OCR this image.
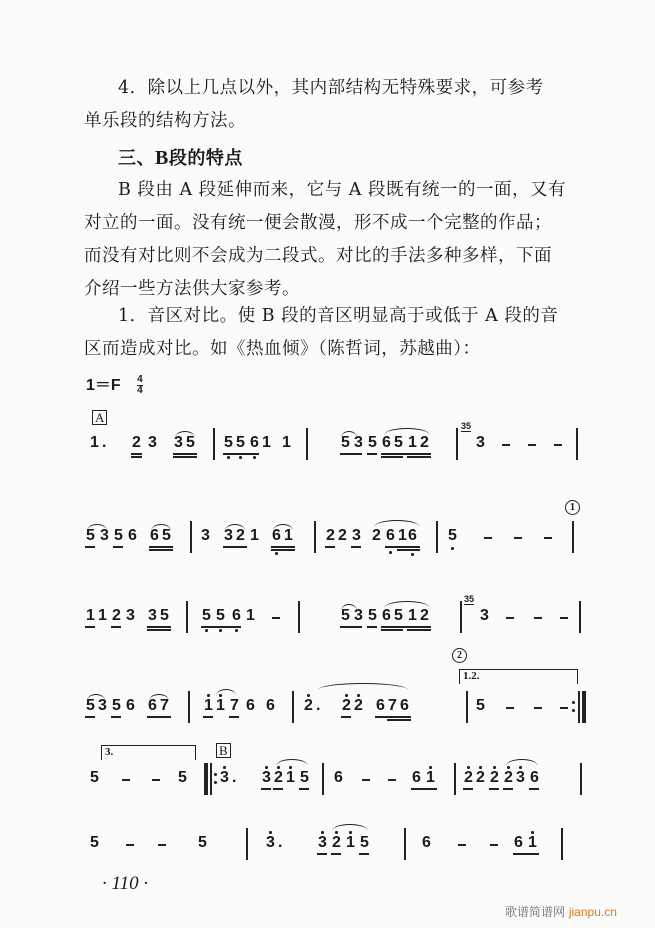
4．除以上几点以外，其内部结构无特殊要求，可参考
单乐段的结构方法。
三、B段的特点
B 段由 A 段延伸而来，它与 A 段既有统一的一面，又有
对立的一面。没有统一便会散漫，形不成一个完整的作品；
而没有对比则不会成为二段式。对比的手法多种多样，下面
介绍一些方法供大家参考。
1．音区对比。使 B 段的音区明显高于或低于 A 段的音
区而造成对比。如《热血倾》（陈哲词，苏越曲）：
$1=F \frac{4}{4}$
A
1 . 2 3 3 5 5 5 6 1 1	5 3 5 6 5 1 2
35
3
1
5 3 5 6 6 5 3 3 2 1 6 1 2 2 3 2 6 1 6 5
1 1 2 3 3 5 5 5 6 1	5 3 5 6 5 1 2
35
3
2
1.2.
5 3 5 6 6 7 1 1 7 6 6 2 . 2 2 6 7 6	5
3.	B
5	5 3 . 3 2 1 5 6	6 1 2 2 2 2 3 6
5	5	3 . 3 2 1 5	6	6 1
· 110 ·
歌谱简谱网 jianpu.cn
